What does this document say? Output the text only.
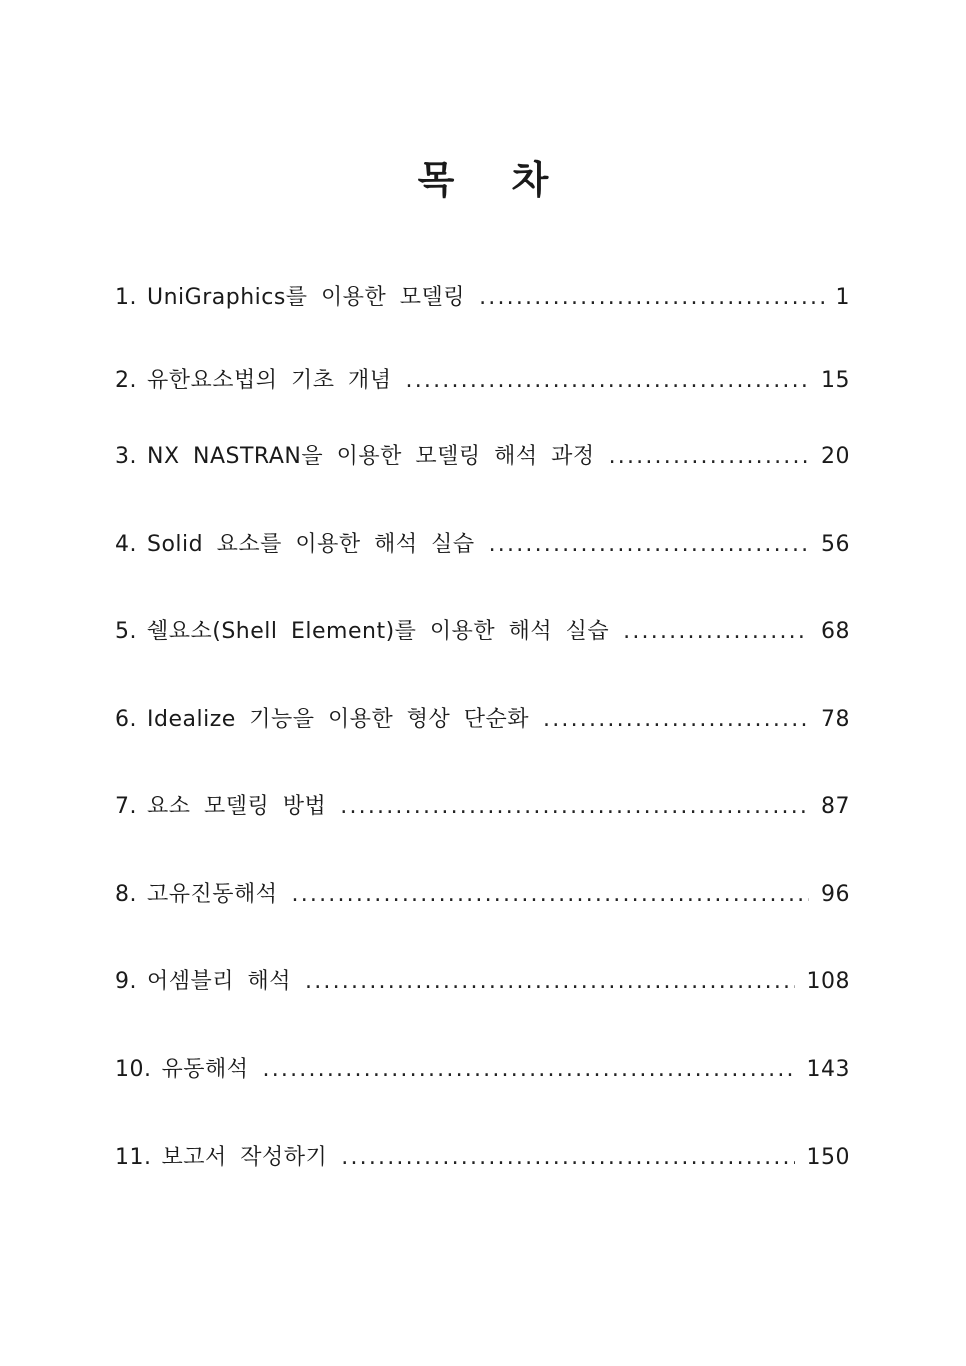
목 차
1. UniGraphics를 이용한 모델링 .....	1
2. 유한요소법의 기초 개념 .....	15
3. NX NASTRAN을 이용한 모델링 해석 과정 .....	20
4. Solid 요소를 이용한 해석 실습 .....	56
5. 쉘요소(Shell Element)를 이용한 해석 실습 .....	68
6. Idealize 기능을 이용한 형상 단순화 .....	78
7. 요소 모델링 방법 .....	87
8. 고유진동해석 .....	96
9. 어셈블리 해석 .....	108
10. 유동해석 .....	143
11. 보고서 작성하기 .....	150
